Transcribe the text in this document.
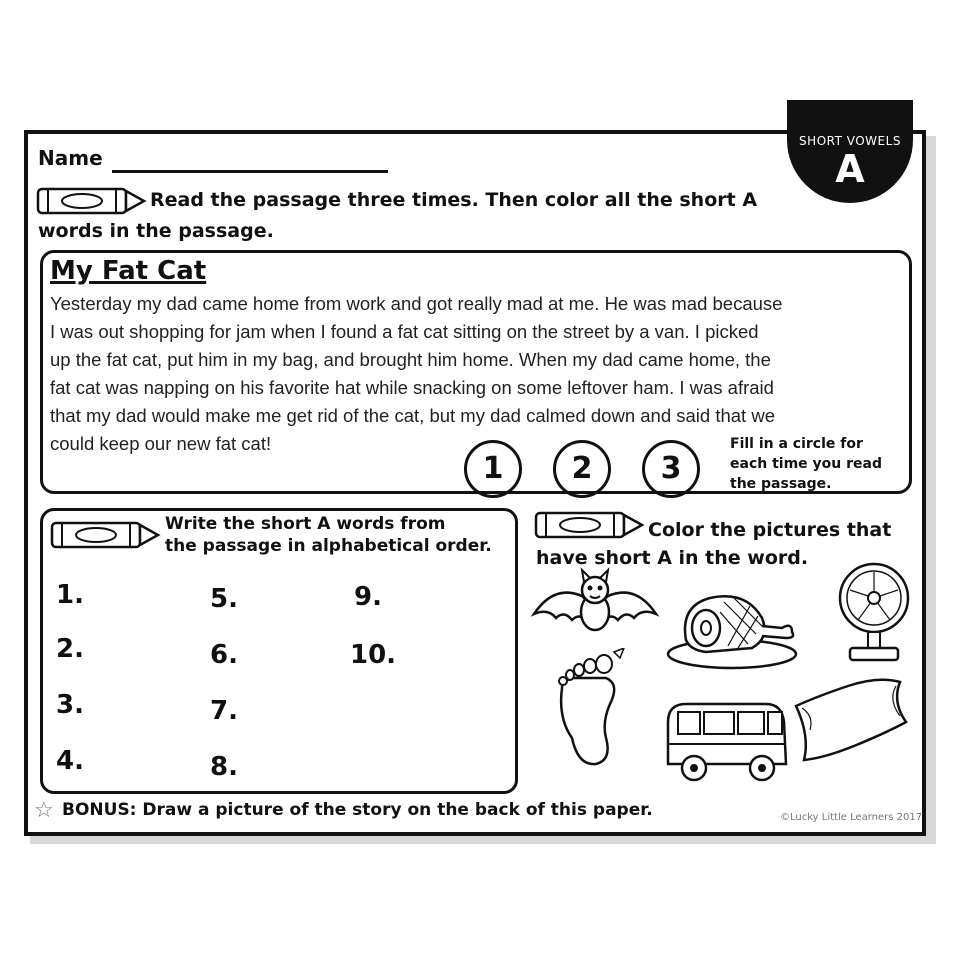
SHORT VOWELS
A
Name
Read the passage three times. Then color all the short A
words in the passage.
My Fat Cat
Yesterday my dad came home from work and got really mad at me. He was mad because
I was out shopping for jam when I found a fat cat sitting on the street by a van. I picked
up the fat cat, put him in my bag, and brought him home. When my dad came home, the
fat cat was napping on his favorite hat while snacking on some leftover ham. I was afraid
that my dad would make me get rid of the cat, but my dad calmed down and said that we
could keep our new fat cat!
1	2	3
Fill in a circle for
each time you read
the passage.
Write the short A words from
the passage in alphabetical order.
1.
2.
3.
4.
5.
6.
7.
8.
9.
10.
Color the pictures that
have short A in the word.
☆ BONUS: Draw a picture of the story on the back of this paper.	©Lucky Little Learners 2017
